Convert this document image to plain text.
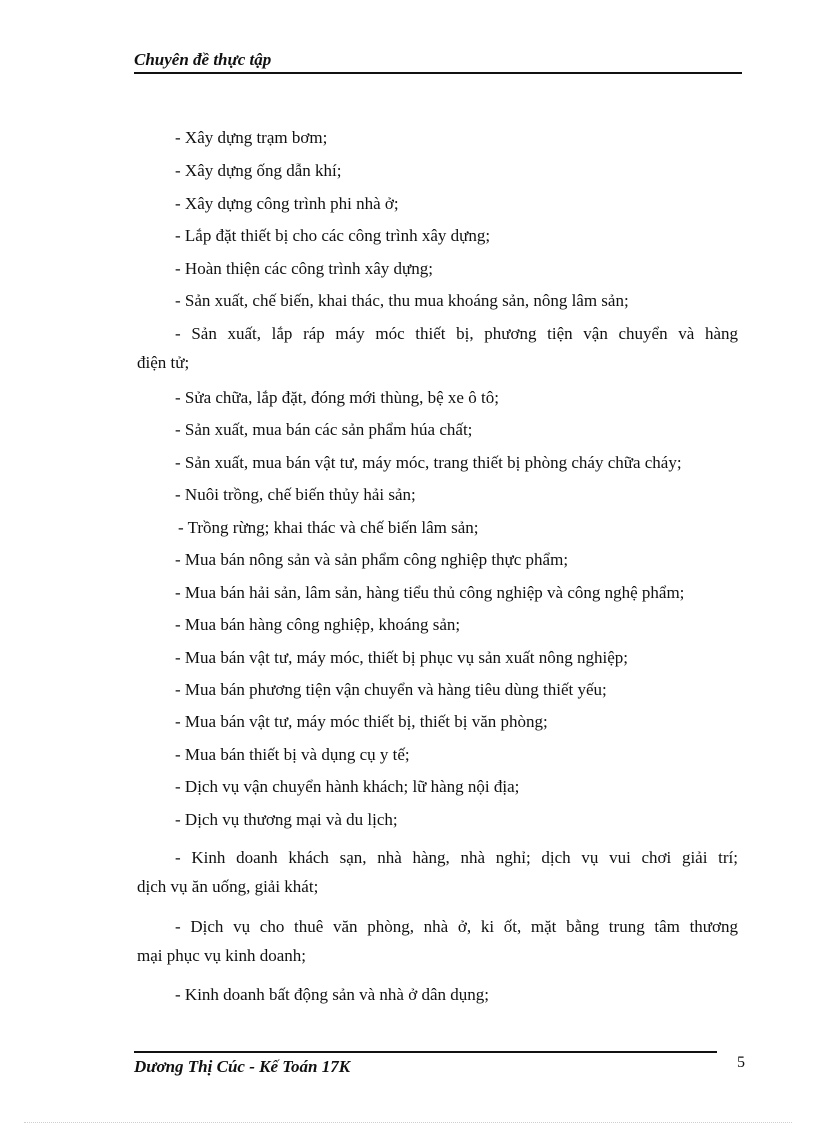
Chuyên đề thực tập
- Xây dựng trạm bơm;
- Xây dựng ống dẫn khí;
- Xây dựng công trình phi nhà ở;
- Lắp đặt thiết bị cho các công trình xây dựng;
- Hoàn thiện các công trình xây dựng;
- Sản xuất, chế biến, khai thác, thu mua khoáng sản, nông lâm sản;
- Sản xuất, lắp ráp máy móc thiết bị, phương tiện vận chuyển và hàng
điện tử;
- Sửa chữa, lắp đặt, đóng mới thùng, bệ xe ô tô;
- Sản xuất, mua bán các sản phẩm húa chất;
- Sản xuất, mua bán vật tư, máy móc, trang thiết bị phòng cháy chữa cháy;
- Nuôi trồng, chế biến thủy hải sản;
- Trồng rừng; khai thác và chế biến lâm sản;
- Mua bán nông sản và sản phẩm công nghiệp thực phẩm;
- Mua bán hải sản, lâm sản, hàng tiểu thủ công nghiệp và công nghệ phẩm;
- Mua bán hàng công nghiệp, khoáng sản;
- Mua bán vật tư, máy móc, thiết bị phục vụ sản xuất nông nghiệp;
- Mua bán phương tiện vận chuyển và hàng tiêu dùng thiết yếu;
- Mua bán vật tư, máy móc thiết bị, thiết bị văn phòng;
- Mua bán thiết bị và dụng cụ y tế;
- Dịch vụ vận chuyển hành khách; lữ hàng nội địa;
- Dịch vụ thương mại và du lịch;
- Kinh doanh khách sạn, nhà hàng, nhà nghỉ; dịch vụ vui chơi giải trí;
dịch vụ ăn uống, giải khát;
- Dịch vụ cho thuê văn phòng, nhà ở, ki ốt, mặt bằng trung tâm thương
mại phục vụ kinh doanh;
- Kinh doanh bất động sản và nhà ở dân dụng;
Dương Thị Cúc - Kế Toán 17K	5
